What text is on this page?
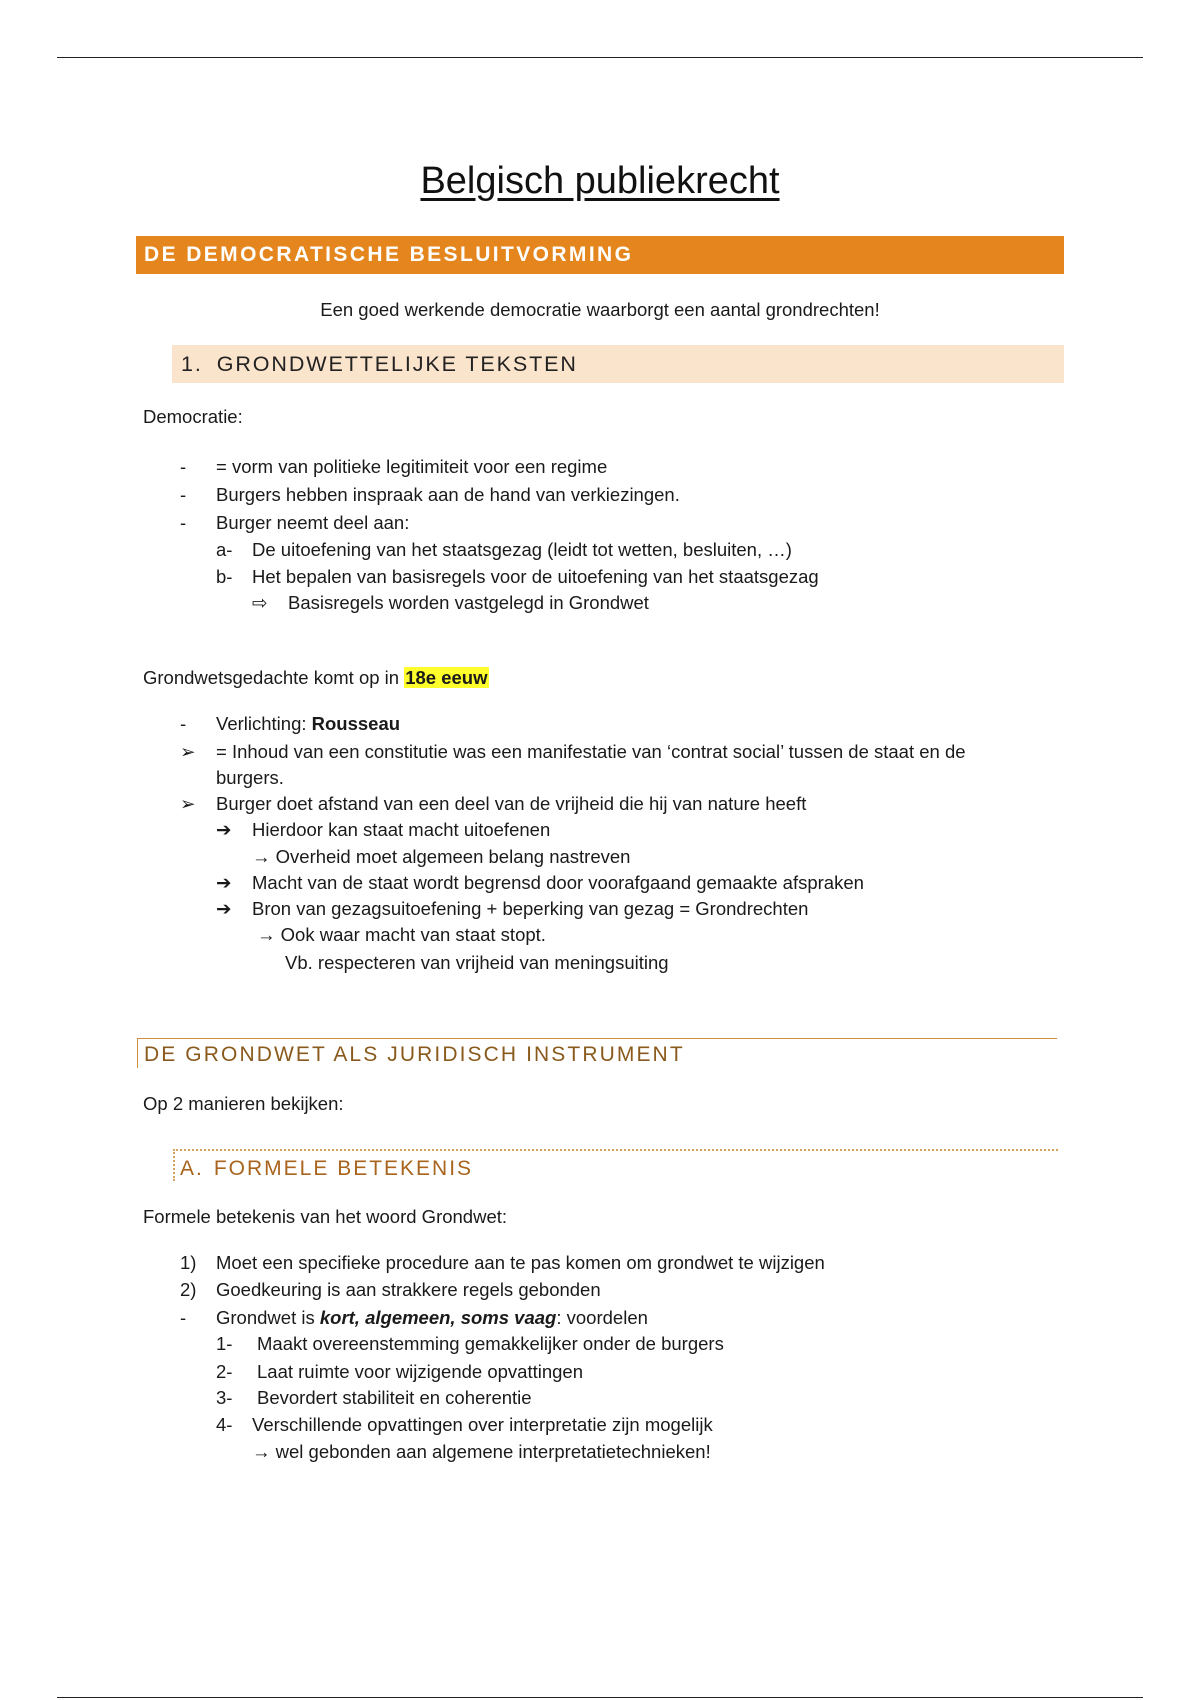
Belgisch publiekrecht
DE DEMOCRATISCHE BESLUITVORMING
Een goed werkende democratie waarborgt een aantal grondrechten!
1. GRONDWETTELIJKE TEKSTEN
Democratie:
- = vorm van politieke legitimiteit voor een regime
- Burgers hebben inspraak aan de hand van verkiezingen.
- Burger neemt deel aan:
a- De uitoefening van het staatsgezag (leidt tot wetten, besluiten, …)
b- Het bepalen van basisregels voor de uitoefening van het staatsgezag
⇨ Basisregels worden vastgelegd in Grondwet
Grondwetsgedachte komt op in 18e eeuw
- Verlichting: Rousseau
➢ = Inhoud van een constitutie was een manifestatie van ‘contrat social’ tussen de staat en de
burgers.
➢ Burger doet afstand van een deel van de vrijheid die hij van nature heeft
➔ Hierdoor kan staat macht uitoefenen
→ Overheid moet algemeen belang nastreven
➔ Macht van de staat wordt begrensd door voorafgaand gemaakte afspraken
➔ Bron van gezagsuitoefening + beperking van gezag = Grondrechten
→ Ook waar macht van staat stopt.
Vb. respecteren van vrijheid van meningsuiting
DE GRONDWET ALS JURIDISCH INSTRUMENT
Op 2 manieren bekijken:
A. FORMELE BETEKENIS
Formele betekenis van het woord Grondwet:
1) Moet een specifieke procedure aan te pas komen om grondwet te wijzigen
2) Goedkeuring is aan strakkere regels gebonden
- Grondwet is kort, algemeen, soms vaag: voordelen
1- Maakt overeenstemming gemakkelijker onder de burgers
2- Laat ruimte voor wijzigende opvattingen
3- Bevordert stabiliteit en coherentie
4- Verschillende opvattingen over interpretatie zijn mogelijk
→ wel gebonden aan algemene interpretatietechnieken!
